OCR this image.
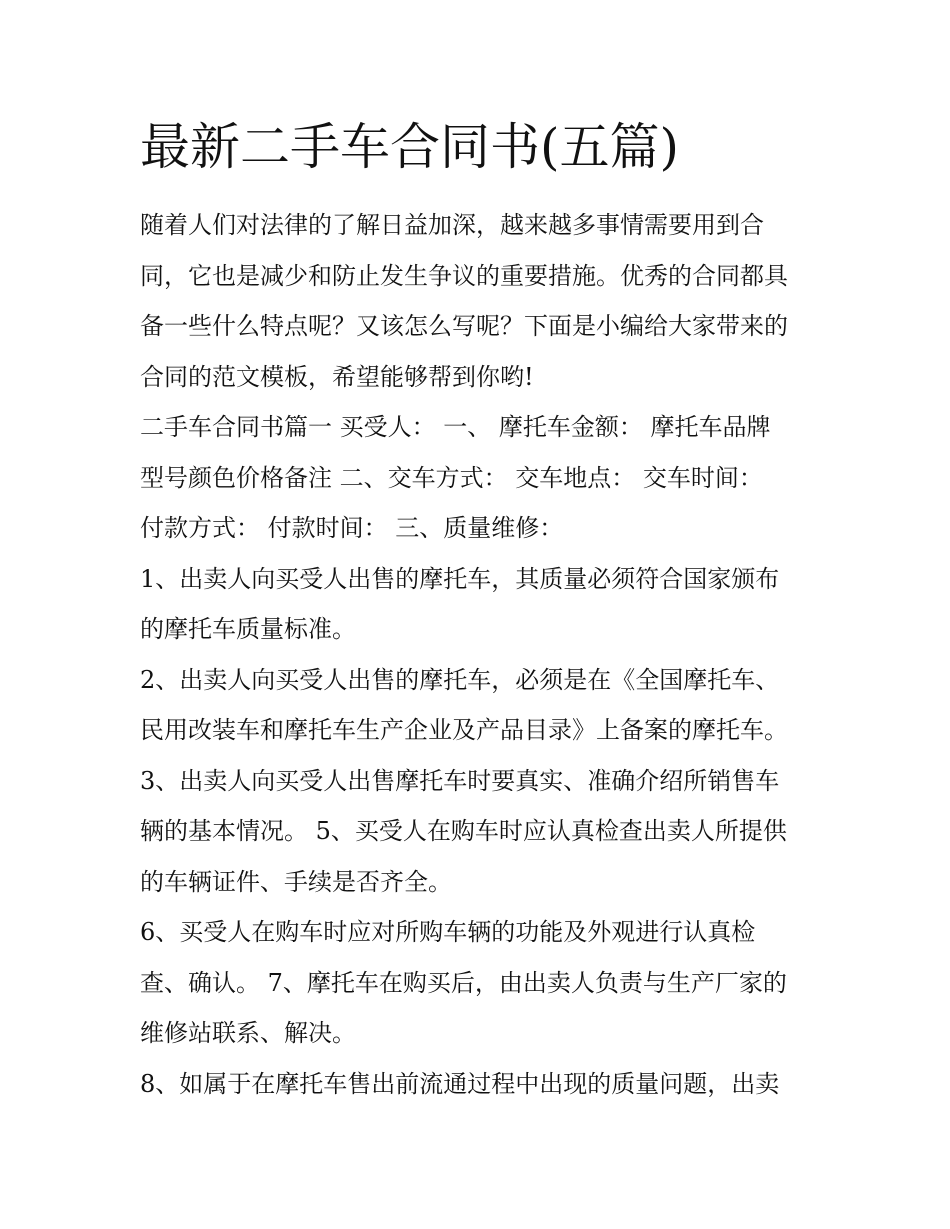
最新二手车合同书(五篇)

随着人们对法律的了解日益加深，越来越多事情需要用到合

同，它也是减少和防止发生争议的重要措施。优秀的合同都具

备一些什么特点呢？又该怎么写呢？下面是小编给大家带来的

合同的范文模板，希望能够帮到你哟!

二手车合同书篇一 买受人： 一、 摩托车金额： 摩托车品牌

型号颜色价格备注 二、交车方式： 交车地点： 交车时间：

付款方式： 付款时间： 三、质量维修：

1、出卖人向买受人出售的摩托车，其质量必须符合国家颁布

的摩托车质量标准。

2、出卖人向买受人出售的摩托车，必须是在《全国摩托车、

民用改装车和摩托车生产企业及产品目录》上备案的摩托车。

3、出卖人向买受人出售摩托车时要真实、准确介绍所销售车

辆的基本情况。 5、买受人在购车时应认真检查出卖人所提供

的车辆证件、手续是否齐全。

6、买受人在购车时应对所购车辆的功能及外观进行认真检

查、确认。 7、摩托车在购买后，由出卖人负责与生产厂家的

维修站联系、解决。

8、如属于在摩托车售出前流通过程中出现的质量问题，出卖
